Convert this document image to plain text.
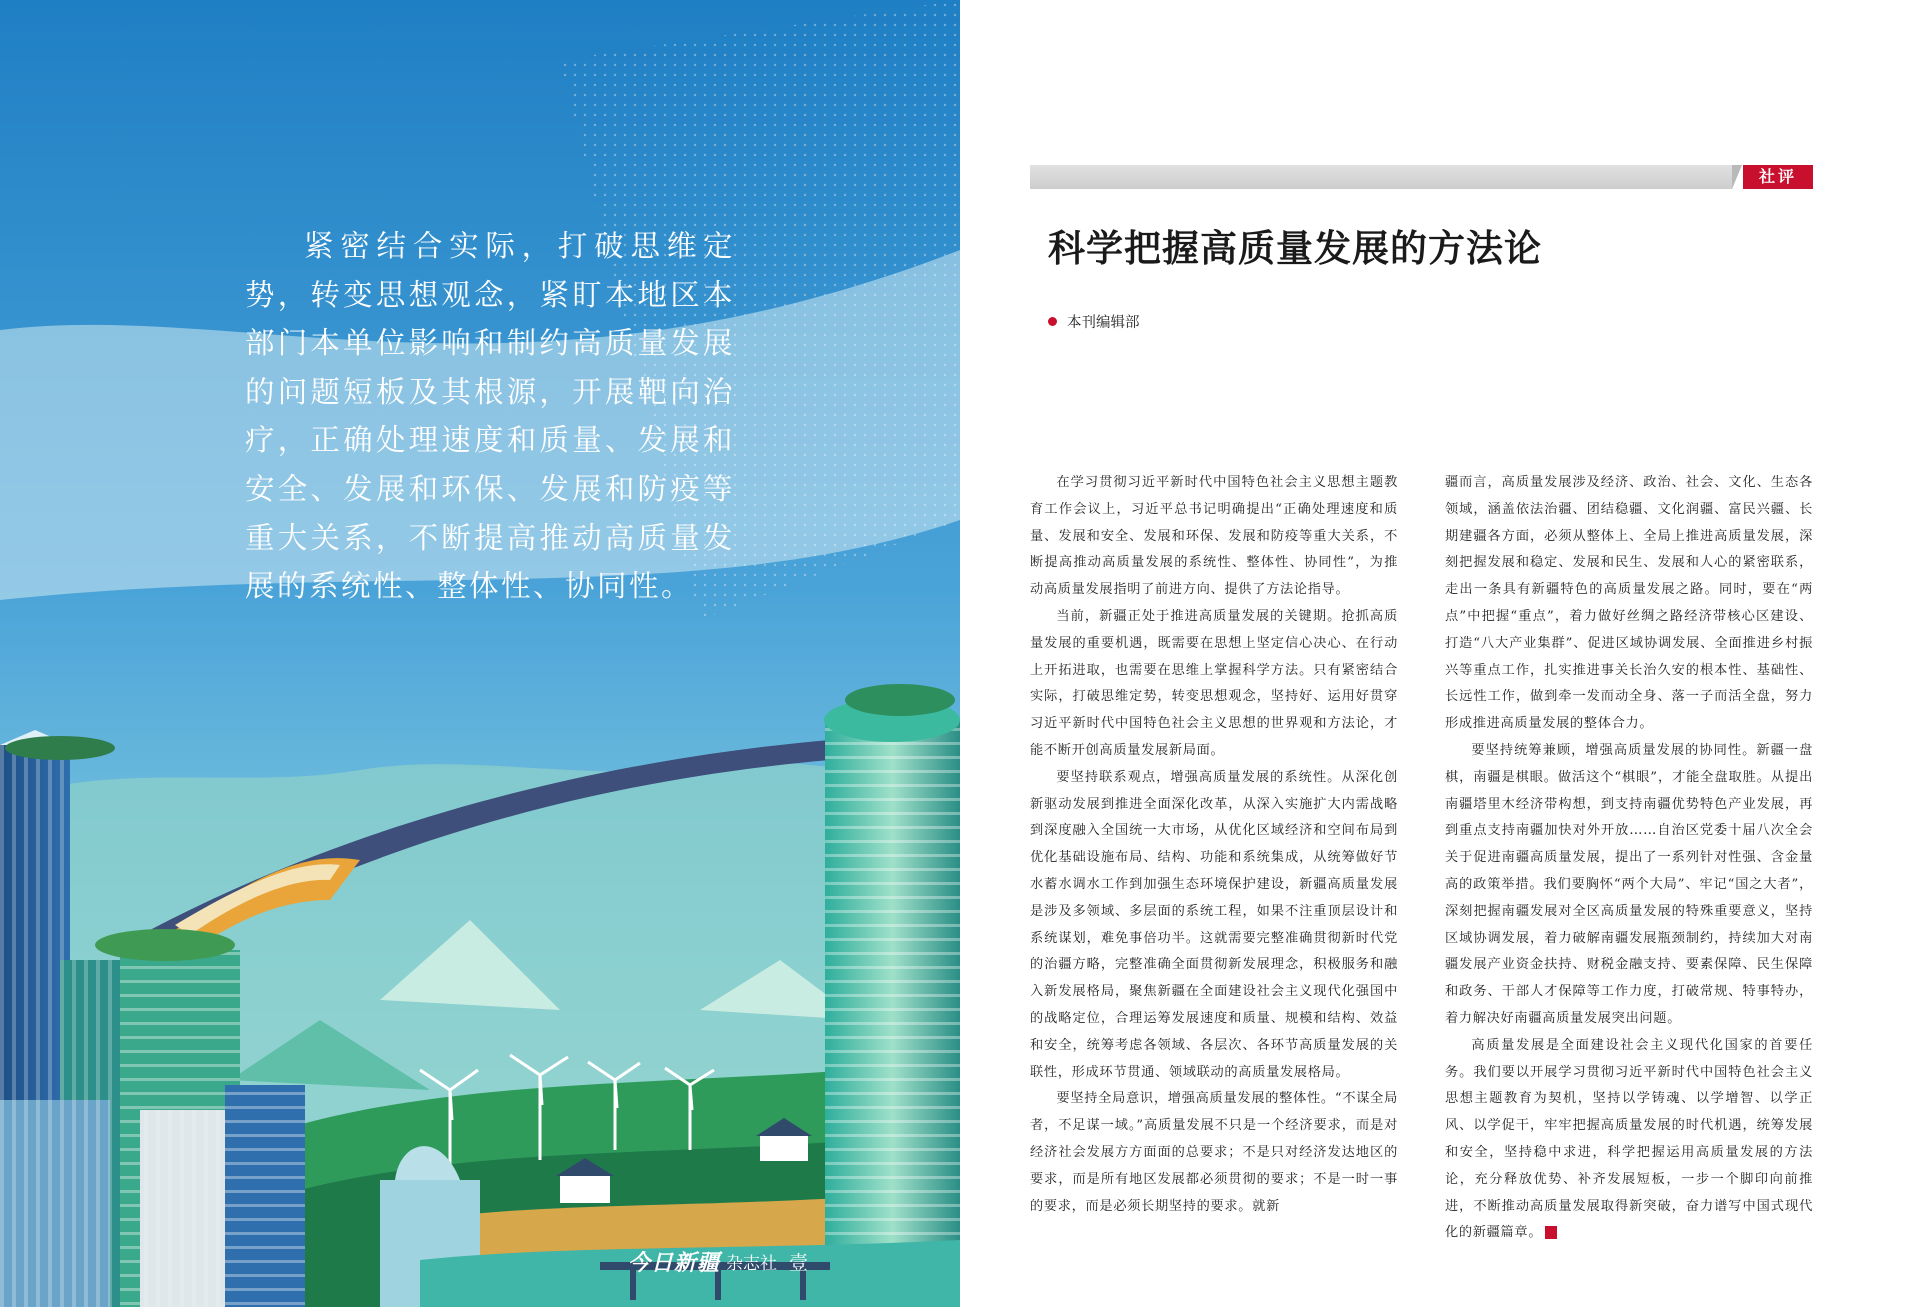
紧密结合实际，打破思维定势，转变思想观念，紧盯本地区本部门本单位影响和制约高质量发展的问题短板及其根源，开展靶向治疗，正确处理速度和质量、发展和安全、发展和环保、发展和防疫等重大关系，不断提高推动高质量发展的系统性、整体性、协同性。
今日新疆 杂志社 壹
社评
科学把握高质量发展的方法论
本刊编辑部

在学习贯彻习近平新时代中国特色社会主义思想主题教育工作会议上，习近平总书记明确提出“正确处理速度和质量、发展和安全、发展和环保、发展和防疫等重大关系，不断提高推动高质量发展的系统性、整体性、协同性”，为推动高质量发展指明了前进方向、提供了方法论指导。

当前，新疆正处于推进高质量发展的关键期。抢抓高质量发展的重要机遇，既需要在思想上坚定信心决心、在行动上开拓进取，也需要在思维上掌握科学方法。只有紧密结合实际，打破思维定势，转变思想观念，坚持好、运用好贯穿习近平新时代中国特色社会主义思想的世界观和方法论，才能不断开创高质量发展新局面。

要坚持联系观点，增强高质量发展的系统性。从深化创新驱动发展到推进全面深化改革，从深入实施扩大内需战略到深度融入全国统一大市场，从优化区域经济和空间布局到优化基础设施布局、结构、功能和系统集成，从统筹做好节水蓄水调水工作到加强生态环境保护建设，新疆高质量发展是涉及多领域、多层面的系统工程，如果不注重顶层设计和系统谋划，难免事倍功半。这就需要完整准确贯彻新时代党的治疆方略，完整准确全面贯彻新发展理念，积极服务和融入新发展格局，聚焦新疆在全面建设社会主义现代化强国中的战略定位，合理运筹发展速度和质量、规模和结构、效益和安全，统筹考虑各领域、各层次、各环节高质量发展的关联性，形成环节贯通、领域联动的高质量发展格局。

要坚持全局意识，增强高质量发展的整体性。“不谋全局者，不足谋一域。”高质量发展不只是一个经济要求，而是对经济社会发展方方面面的总要求；不是只对经济发达地区的要求，而是所有地区发展都必须贯彻的要求；不是一时一事的要求，而是必须长期坚持的要求。就新

疆而言，高质量发展涉及经济、政治、社会、文化、生态各领域，涵盖依法治疆、团结稳疆、文化润疆、富民兴疆、长期建疆各方面，必须从整体上、全局上推进高质量发展，深刻把握发展和稳定、发展和民生、发展和人心的紧密联系，走出一条具有新疆特色的高质量发展之路。同时，要在“两点”中把握“重点”，着力做好丝绸之路经济带核心区建设、打造“八大产业集群”、促进区域协调发展、全面推进乡村振兴等重点工作，扎实推进事关长治久安的根本性、基础性、长远性工作，做到牵一发而动全身、落一子而活全盘，努力形成推进高质量发展的整体合力。

要坚持统筹兼顾，增强高质量发展的协同性。新疆一盘棋，南疆是棋眼。做活这个“棋眼”，才能全盘取胜。从提出南疆塔里木经济带构想，到支持南疆优势特色产业发展，再到重点支持南疆加快对外开放……自治区党委十届八次全会关于促进南疆高质量发展，提出了一系列针对性强、含金量高的政策举措。我们要胸怀“两个大局”、牢记“国之大者”，深刻把握南疆发展对全区高质量发展的特殊重要意义，坚持区域协调发展，着力破解南疆发展瓶颈制约，持续加大对南疆发展产业资金扶持、财税金融支持、要素保障、民生保障和政务、干部人才保障等工作力度，打破常规、特事特办，着力解决好南疆高质量发展突出问题。

高质量发展是全面建设社会主义现代化国家的首要任务。我们要以开展学习贯彻习近平新时代中国特色社会主义思想主题教育为契机，坚持以学铸魂、以学增智、以学正风、以学促干，牢牢把握高质量发展的时代机遇，统筹发展和安全，坚持稳中求进，科学把握运用高质量发展的方法论，充分释放优势、补齐发展短板，一步一个脚印向前推进，不断推动高质量发展取得新突破，奋力谱写中国式现代化的新疆篇章。	J
